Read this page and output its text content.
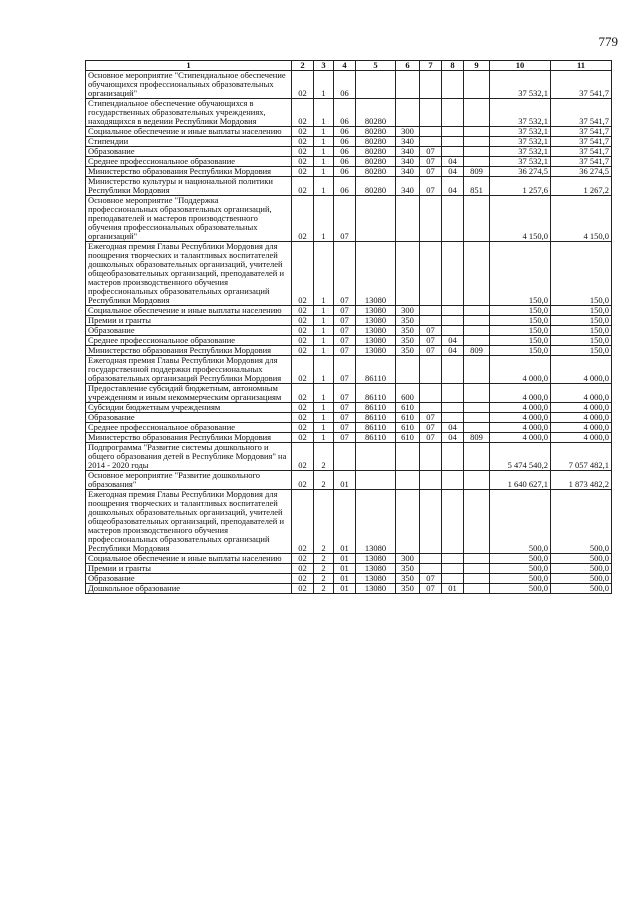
779
1	2	3	4	5	6	7	8	9	10	11
Основное мероприятие "Стипендиальное обеспечение обучающихся профессиональных образовательных организаций"	02	1	06						37 532,1	37 541,7
Стипендиальное обеспечение обучающихся в государственных образовательных учреждениях, находящихся в ведении Республики Мордовия	02	1	06	80280					37 532,1	37 541,7
Социальное обеспечение и иные выплаты населению	02	1	06	80280	300				37 532,1	37 541,7
Стипендии	02	1	06	80280	340				37 532,1	37 541,7
Образование	02	1	06	80280	340	07			37 532,1	37 541,7
Среднее профессиональное образование	02	1	06	80280	340	07	04		37 532,1	37 541,7
Министерство образования Республики Мордовия	02	1	06	80280	340	07	04	809	36 274,5	36 274,5
Министерство культуры и национальной политики Республики Мордовия	02	1	06	80280	340	07	04	851	1 257,6	1 267,2
Основное мероприятие "Поддержка профессиональных образовательных организаций, преподавателей и мастеров производственного обучения профессиональных образовательных организаций"	02	1	07						4 150,0	4 150,0
Ежегодная премия Главы Республики Мордовия для поощрения творческих и талантливых воспитателей дошкольных образовательных организаций, учителей общеобразовательных организаций, преподавателей и мастеров производственного обучения профессиональных образовательных организаций Республики Мордовия	02	1	07	13080					150,0	150,0
Социальное обеспечение и иные выплаты населению	02	1	07	13080	300				150,0	150,0
Премии и гранты	02	1	07	13080	350				150,0	150,0
Образование	02	1	07	13080	350	07			150,0	150,0
Среднее профессиональное образование	02	1	07	13080	350	07	04		150,0	150,0
Министерство образования Республики Мордовия	02	1	07	13080	350	07	04	809	150,0	150,0
Ежегодная премия Главы Республики Мордовия для государственной поддержки профессиональных образовательных организаций Республики Мордовия	02	1	07	86110					4 000,0	4 000,0
Предоставление субсидий бюджетным, автономным учреждениям и иным некоммерческим организациям	02	1	07	86110	600				4 000,0	4 000,0
Субсидии бюджетным учреждениям	02	1	07	86110	610				4 000,0	4 000,0
Образование	02	1	07	86110	610	07			4 000,0	4 000,0
Среднее профессиональное образование	02	1	07	86110	610	07	04		4 000,0	4 000,0
Министерство образования Республики Мордовия	02	1	07	86110	610	07	04	809	4 000,0	4 000,0
Подпрограмма "Развитие системы дошкольного и общего образования детей в Республике Мордовия" на 2014 - 2020 годы	02	2							5 474 540,2	7 057 482,1
Основное мероприятие "Развитие дошкольного образования"	02	2	01						1 640 627,1	1 873 482,2
Ежегодная премия Главы Республики Мордовия для поощрения творческих и талантливых воспитателей дошкольных образовательных организаций, учителей общеобразовательных организаций, преподавателей и мастеров производственного обучения профессиональных образовательных организаций Республики Мордовия	02	2	01	13080					500,0	500,0
Социальное обеспечение и иные выплаты населению	02	2	01	13080	300				500,0	500,0
Премии и гранты	02	2	01	13080	350				500,0	500,0
Образование	02	2	01	13080	350	07			500,0	500,0
Дошкольное образование	02	2	01	13080	350	07	01		500,0	500,0
